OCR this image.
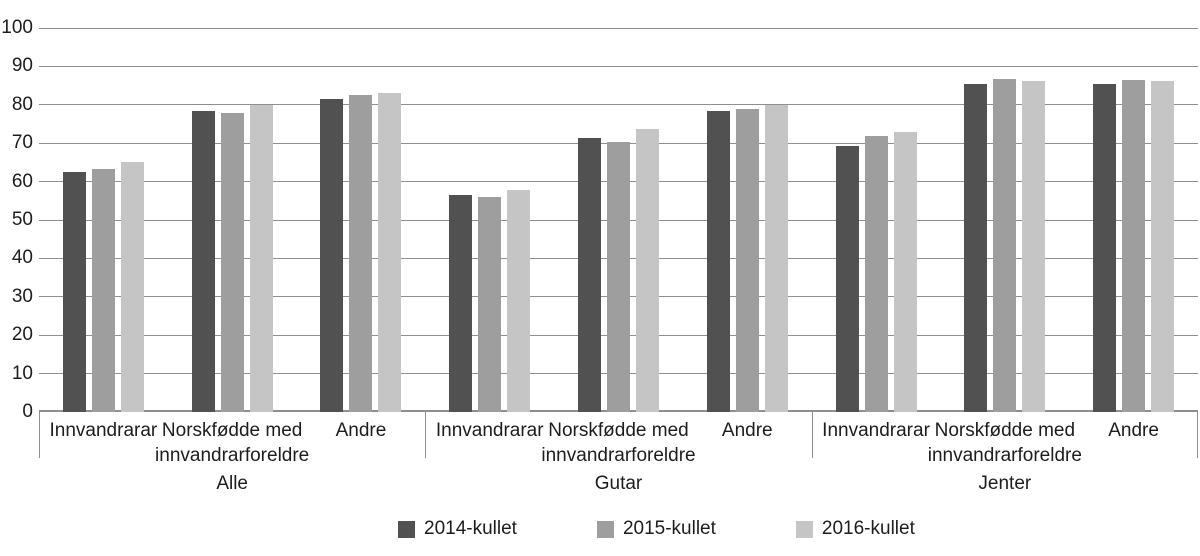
0
10
20
30
40
50
60
70
80
90
100
Innvandrarar Norskfødde med innvandrarforeldre
Andre	Innvandrarar Norskfødde med innvandrarforeldre
Andre	Innvandrarar Norskfødde med innvandrarforeldre
Andre
Alle	Gutar	Jenter
2014-kullet	2015-kullet	2016-kullet
